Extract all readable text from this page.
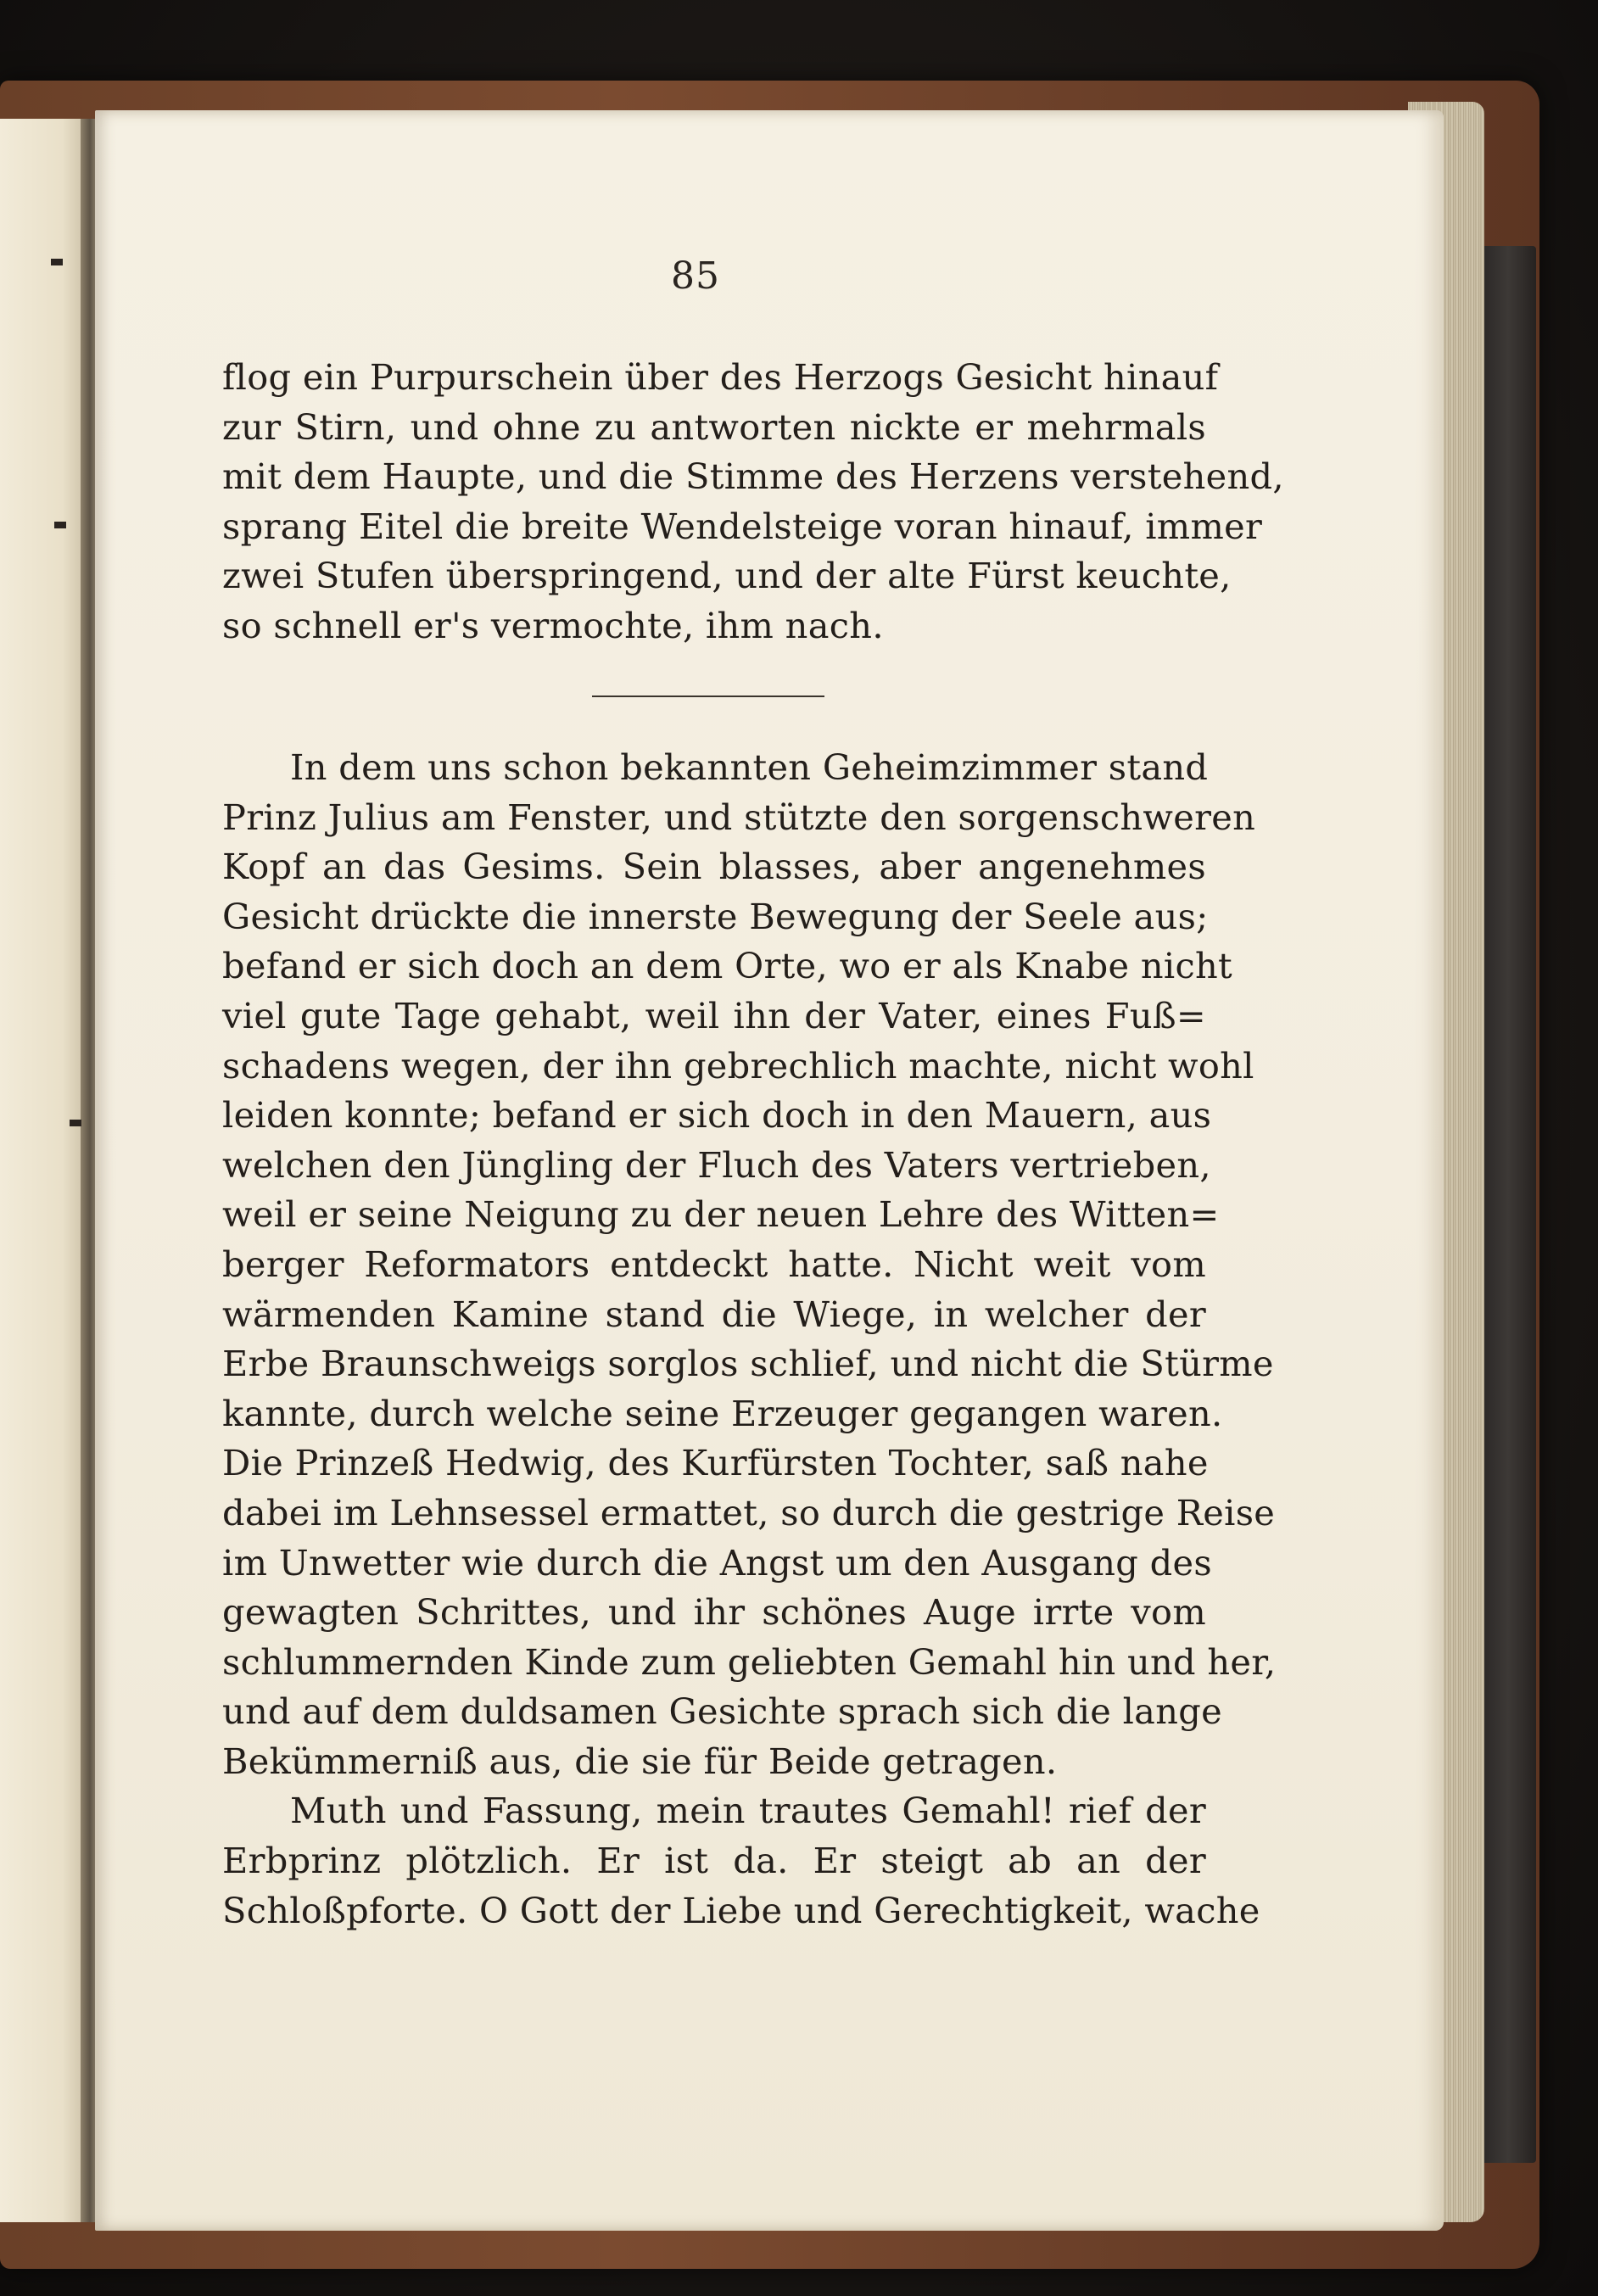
85
flog ein Purpurschein über des Herzogs Gesicht hinauf
zur Stirn, und ohne zu antworten nickte er mehrmals
mit dem Haupte, und die Stimme des Herzens verstehend,
sprang Eitel die breite Wendelsteige voran hinauf, immer
zwei Stufen überspringend, und der alte Fürst keuchte,
so schnell er's vermochte, ihm nach.
In dem uns schon bekannten Geheimzimmer stand
Prinz Julius am Fenster, und stützte den sorgenschweren
Kopf an das Gesims. Sein blasses, aber angenehmes
Gesicht drückte die innerste Bewegung der Seele aus;
befand er sich doch an dem Orte, wo er als Knabe nicht
viel gute Tage gehabt, weil ihn der Vater, eines Fuß=
schadens wegen, der ihn gebrechlich machte, nicht wohl
leiden konnte; befand er sich doch in den Mauern, aus
welchen den Jüngling der Fluch des Vaters vertrieben,
weil er seine Neigung zu der neuen Lehre des Witten=
berger Reformators entdeckt hatte. Nicht weit vom
wärmenden Kamine stand die Wiege, in welcher der
Erbe Braunschweigs sorglos schlief, und nicht die Stürme
kannte, durch welche seine Erzeuger gegangen waren.
Die Prinzeß Hedwig, des Kurfürsten Tochter, saß nahe
dabei im Lehnsessel ermattet, so durch die gestrige Reise
im Unwetter wie durch die Angst um den Ausgang des
gewagten Schrittes, und ihr schönes Auge irrte vom
schlummernden Kinde zum geliebten Gemahl hin und her,
und auf dem duldsamen Gesichte sprach sich die lange
Bekümmerniß aus, die sie für Beide getragen.
Muth und Fassung, mein trautes Gemahl! rief der
Erbprinz plötzlich. Er ist da. Er steigt ab an der
Schloßpforte. O Gott der Liebe und Gerechtigkeit, wache
